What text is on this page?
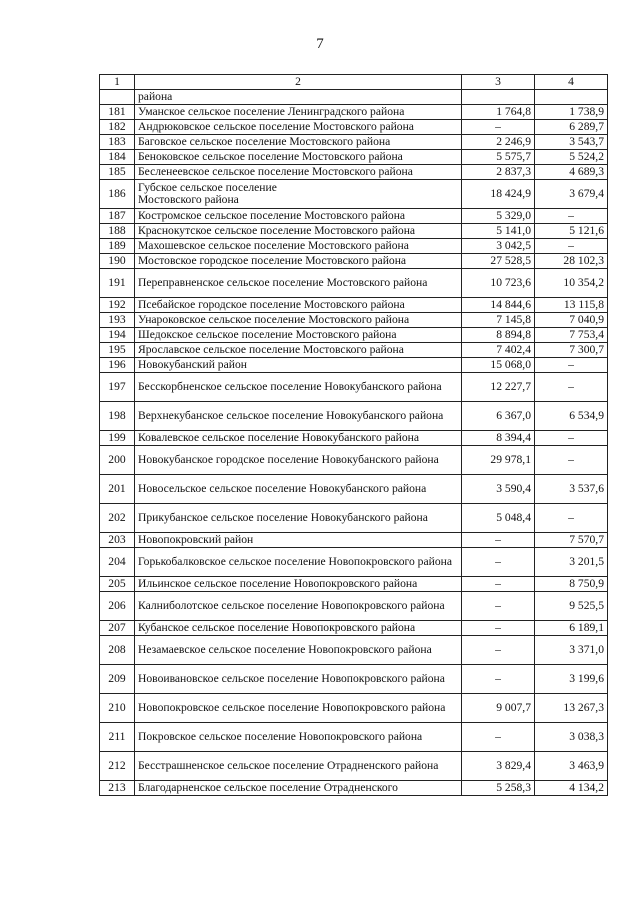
7
1	2	3	4
	района		
181	Уманское сельское поселение Ленинградского района	1 764,8	1 738,9
182	Андрюковское сельское поселение Мостовского района	–	6 289,7
183	Баговское сельское поселение Мостовского района	2 246,9	3 543,7
184	Беноковское сельское поселение Мостовского района	5 575,7	5 524,2
185	Беслeнеевское сельское поселение Мостовского района	2 837,3	4 689,3
186	Губское сельское поселение
Мостовского района	18 424,9	3 679,4
187	Костромское сельское поселение Мостовского района	5 329,0	–
188	Краснокутское сельское поселение Мостовского района	5 141,0	5 121,6
189	Махошевское сельское поселение Мостовского района	3 042,5	–
190	Мостовское городское поселение Мостовского района	27 528,5	28 102,3
191	Переправненское сельское поселение Мостовского района	10 723,6	10 354,2
192	Псебайское городское поселение Мостовского района	14 844,6	13 115,8
193	Унароковское сельское поселение Мостовского района	7 145,8	7 040,9
194	Шедокское сельское поселение Мостовского района	8 894,8	7 753,4
195	Ярославское сельское поселение Мостовского района	7 402,4	7 300,7
196	Новокубанский район	15 068,0	–
197	Бесскорбненское сельское поселение Новокубанского района	12 227,7	–
198	Верхнекубанское сельское поселение Новокубанского района	6 367,0	6 534,9
199	Ковалевское сельское поселение Новокубанского района	8 394,4	–
200	Новокубанское городское поселение Новокубанского района	29 978,1	–
201	Новосельское сельское поселение Новокубанского района	3 590,4	3 537,6
202	Прикубанское сельское поселение Новокубанского района	5 048,4	–
203	Новопокровский район	–	7 570,7
204	Горькобалковское сельское поселение Новопокровского района	–	3 201,5
205	Ильинское сельское поселение Новопокровского района	–	8 750,9
206	Калниболотское сельское поселение Новопокровского района	–	9 525,5
207	Кубанское сельское поселение Новопокровского района	–	6 189,1
208	Незамаевское сельское поселение Новопокровского района	–	3 371,0
209	Новоивановское сельское поселение Новопокровского района	–	3 199,6
210	Новопокровское сельское поселение Новопокровского района	9 007,7	13 267,3
211	Покровское сельское поселение Новопокровского района	–	3 038,3
212	Бесстрашненское сельское поселение Отрадненского района	3 829,4	3 463,9
213	Благодарненское сельское поселение Отрадненского	5 258,3	4 134,2
